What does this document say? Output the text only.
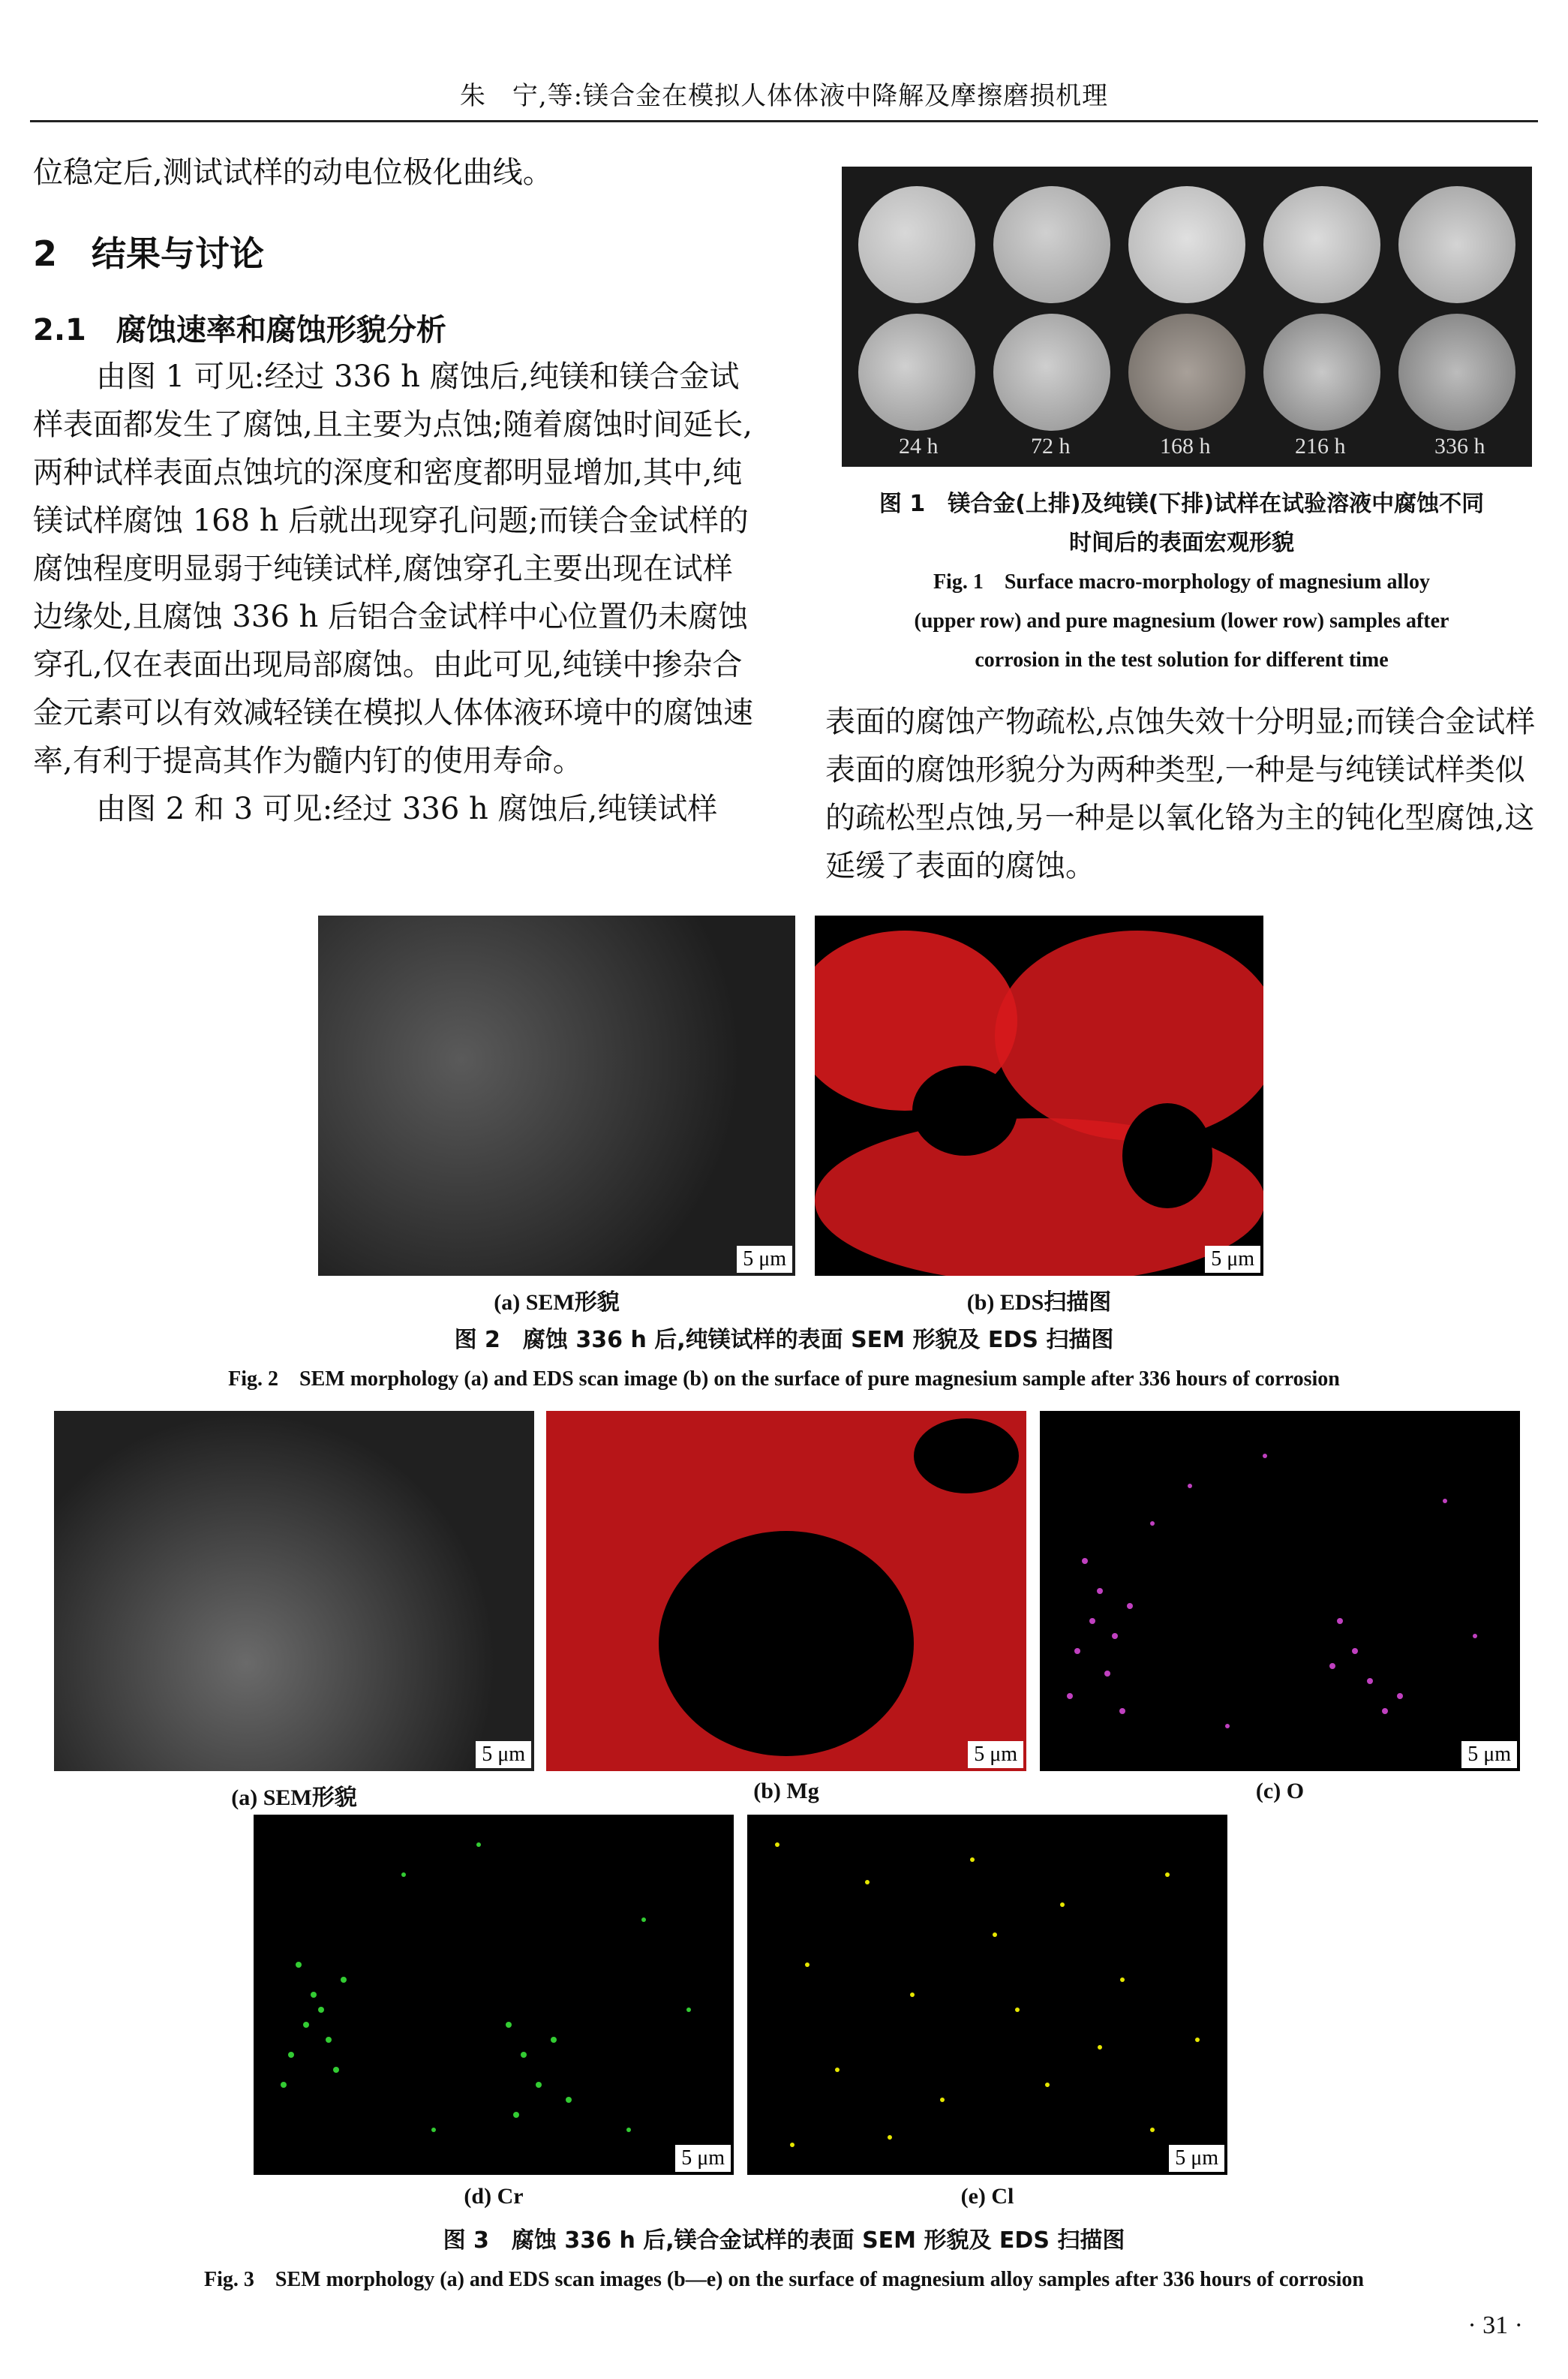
朱　宁,等:镁合金在模拟人体体液中降解及摩擦磨损机理

位稳定后,测试试样的动电位极化曲线。

2　结果与讨论
2.1　腐蚀速率和腐蚀形貌分析

由图 1 可见:经过 336 h 腐蚀后,纯镁和镁合金试样表面都发生了腐蚀,且主要为点蚀;随着腐蚀时间延长,两种试样表面点蚀坑的深度和密度都明显增加,其中,纯镁试样腐蚀 168 h 后就出现穿孔问题;而镁合金试样的腐蚀程度明显弱于纯镁试样,腐蚀穿孔主要出现在试样边缘处,且腐蚀 336 h 后铝合金试样中心位置仍未腐蚀穿孔,仅在表面出现局部腐蚀。由此可见,纯镁中掺杂合金元素可以有效减轻镁在模拟人体体液环境中的腐蚀速率,有利于提高其作为髓内钉的使用寿命。

由图 2 和 3 可见:经过 336 h 腐蚀后,纯镁试样

24 h	72 h	168 h	216 h	336 h
图 1　镁合金(上排)及纯镁(下排)试样在试验溶液中腐蚀不同
时间后的表面宏观形貌
Fig. 1　Surface macro-morphology of magnesium alloy
(upper row) and pure magnesium (lower row) samples after
corrosion in the test solution for different time

表面的腐蚀产物疏松,点蚀失效十分明显;而镁合金试样表面的腐蚀形貌分为两种类型,一种是与纯镁试样类似的疏松型点蚀,另一种是以氧化铬为主的钝化型腐蚀,这延缓了表面的腐蚀。

5 μm	5 μm
(a) SEM形貌	(b) EDS扫描图
图 2　腐蚀 336 h 后,纯镁试样的表面 SEM 形貌及 EDS 扫描图
Fig. 2　SEM morphology (a) and EDS scan image (b) on the surface of pure magnesium sample after 336 hours of corrosion
5 μm	5 μm	5 μm
(a) SEM形貌	(b) Mg	(c) O
5 μm	5 μm
(d) Cr	(e) Cl
图 3　腐蚀 336 h 后,镁合金试样的表面 SEM 形貌及 EDS 扫描图
Fig. 3　SEM morphology (a) and EDS scan images (b—e) on the surface of magnesium alloy samples after 336 hours of corrosion
· 31 ·
